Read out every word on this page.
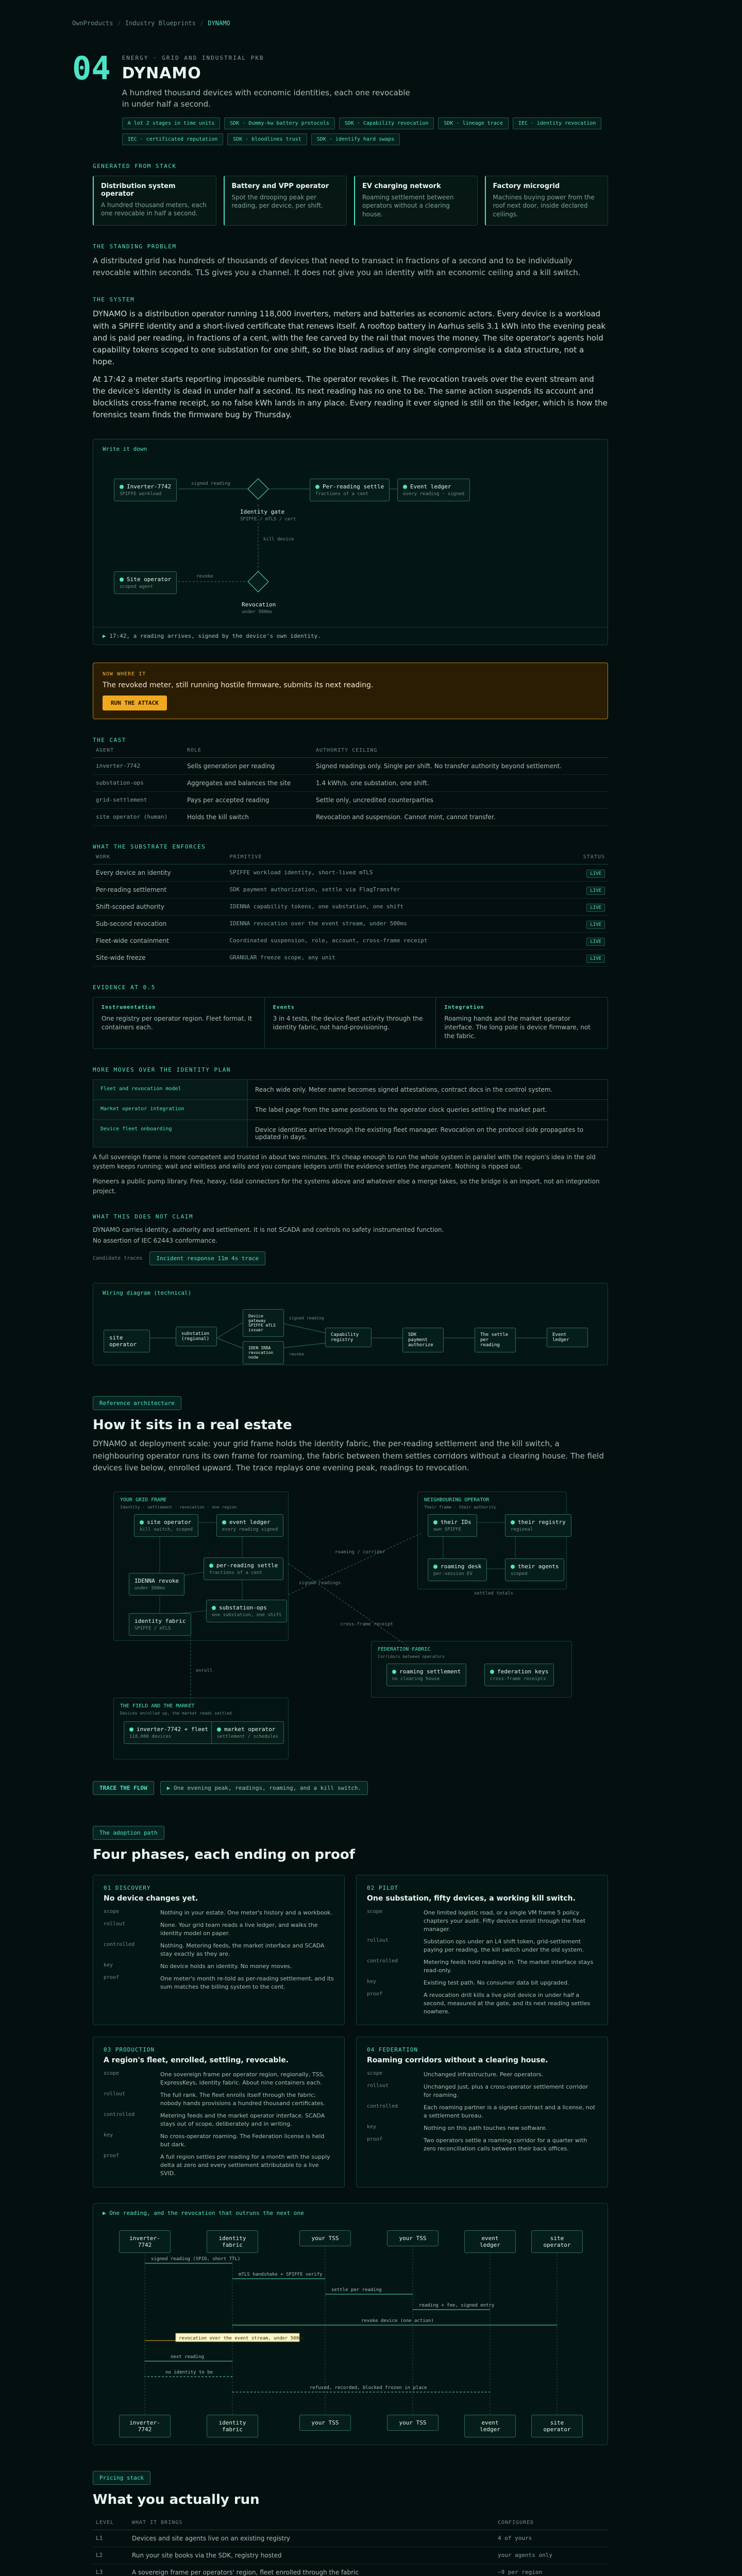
OwnProducts / Industry Blueprints / DYNAMO
04 ENERGY · GRID AND INDUSTRIAL PKB
DYNAMO
A hundred thousand devices with economic identities, each one revocable in under half a second.
A lot 2 stages in time units	SDK · Dummy-kw battery protocols	SDK · Capability revocation	SDK · lineage trace	IEC · identity revocation
IEC · certificated reputation	SDK · bloodlines trust	SDK · identify hard swaps
GENERATED FROM STACK
Distribution system operator

A hundred thousand meters, each one revocable in half a second.

Battery and VPP operator

Spot the drooping peak per reading, per device, per shift.

EV charging network

Roaming settlement between operators without a clearing house.

Factory microgrid

Machines buying power from the roof next door, inside declared ceilings.

THE STANDING PROBLEM

A distributed grid has hundreds of thousands of devices that need to transact in fractions of a second and to be individually revocable within seconds. TLS gives you a channel. It does not give you an identity with an economic ceiling and a kill switch.

THE SYSTEM

DYNAMO is a distribution operator running 118,000 inverters, meters and batteries as economic actors. Every device is a workload with a SPIFFE identity and a short-lived certificate that renews itself. A rooftop battery in Aarhus sells 3.1 kWh into the evening peak and is paid per reading, in fractions of a cent, with the fee carved by the rail that moves the money. The site operator's agents hold capability tokens scoped to one substation for one shift, so the blast radius of any single compromise is a data structure, not a hope.

At 17:42 a meter starts reporting impossible numbers. The operator revokes it. The revocation travels over the event stream and the device's identity is dead in under half a second. Its next reading has no one to be. The same action suspends its account and blocklists cross-frame receipt, so no false kWh lands in any place. Every reading it ever signed is still on the ledger, which is how the forensics team finds the firmware bug by Thursday.

Write it down
signed reading
revoke
kill device
Inverter-7742
SPIFFE workload
Identity gate
SPIFFE / mTLS / cert
Per-reading settle
fractions of a cent
Event ledger
every reading · signed
Site operator
scoped agent
Revocation
under 500ms
▶ 17:42, a reading arrives, signed by the device's own identity.
NOW WHERE IT
The revoked meter, still running hostile firmware, submits its next reading.
RUN THE ATTACK
THE CAST
AGENT	ROLE	AUTHORITY CEILING
inverter-7742	Sells generation per reading	Signed readings only. Single per shift. No transfer authority beyond settlement.
substation-ops	Aggregates and balances the site	1.4 kWh/s. one substation, one shift.
grid-settlement	Pays per accepted reading	Settle only, uncredited counterparties
site operator (human)	Holds the kill switch	Revocation and suspension. Cannot mint, cannot transfer.
WHAT THE SUBSTRATE ENFORCES
WORK	PRIMITIVE	STATUS
Every device an identity	SPIFFE workload identity, short-lived mTLS	LIVE
Per-reading settlement	SDK payment authorization, settle via FlagTransfer	LIVE
Shift-scoped authority	IDENNA capability tokens, one substation, one shift	LIVE
Sub-second revocation	IDENNA revocation over the event stream, under 500ms	LIVE
Fleet-wide containment	Coordinated suspension, role, account, cross-frame receipt	LIVE
Site-wide freeze	GRANULAR freeze scope, any unit	LIVE
EVIDENCE AT 0.5
Instrumentation

One registry per operator region. Fleet format. It containers each.

Events

3 in 4 tests, the device fleet activity through the identity fabric, not hand-provisioning.

Integration

Roaming hands and the market operator interface. The long pole is device firmware, not the fabric.

MORE MOVES OVER THE IDENTITY PLAN
Fleet and revocation model	Reach wide only. Meter name becomes signed attestations, contract docs in the control system.
Market operator integration	The label page from the same positions to the operator clock queries settling the market part.
Device fleet onboarding	Device identities arrive through the existing fleet manager. Revocation on the protocol side propagates to updated in days.

A full sovereign frame is more competent and trusted in about two minutes. It's cheap enough to run the whole system in parallel with the region's idea in the old system keeps running; wait and wiltless and wills and you compare ledgers until the evidence settles the argument. Nothing is ripped out.

Pioneers a public pump library. Free, heavy, tidal connectors for the systems above and whatever else a merge takes, so the bridge is an import, not an integration project.

WHAT THIS DOES NOT CLAIM

DYNAMO carries identity, authority and settlement. It is not SCADA and controls no safety instrumented function.

No assertion of IEC 62443 conformance.

Candidate traces	Incident response 11m 4s trace
Wiring diagram (technical)
signed reading
revoke
site operator
substation (regional)
Device gateway SPIFFE mTLS issuer
IDEN IRRA revocation node
Capability registry
SDK payment authorize
The settle per reading
Event ledger
Reference architecture
How it sits in a real estate

DYNAMO at deployment scale: your grid frame holds the identity fabric, the per-reading settlement and the kill switch, a neighbouring operator runs its own frame for roaming, the fabric between them settles corridors without a clearing house. The field devices live below, enrolled upward. The trace replays one evening peak, readings to revocation.

signed readings
roaming / corridor
cross-frame receipt
settled totals
enroll
YOUR GRID FRAME
Identity · settlement · revocation · one region
NEIGHBOURING OPERATOR
Their frame · their authority
FEDERATION FABRIC
Corridors between operators
THE FIELD AND THE MARKET
Devices enrolled up, the market reads settled
site operator
kill switch, scoped
event ledger
every reading signed
per-reading settle
fractions of a cent
IDENNA revoke
under 500ms
substation-ops
one substation, one shift
identity fabric
SPIFFE / mTLS
their IDs
own SPIFFE
their registry
regional
roaming desk
per-session EV
their agents
scoped
roaming settlement
no clearing house
federation keys
cross-frame receipts
inverter-7742 + fleet
118,000 devices
market operator
settlement / schedules
TRACE THE FLOW	▶ One evening peak, readings, roaming, and a kill switch.
The adoption path
Four phases, each ending on proof
01 DISCOVERY
No device changes yet.
scope	Nothing in your estate. One meter's history and a workbook.
rollout	None. Your grid team reads a live ledger, and walks the identity model on paper.
controlled	Nothing. Metering feeds, the market interface and SCADA stay exactly as they are.
key	No device holds an identity. No money moves.
proof	One meter's month re-told as per-reading settlement, and its sum matches the billing system to the cent.
02 PILOT
One substation, fifty devices, a working kill switch.
scope	One limited logistic road, or a single VM frame 5 policy chapters your audit. Fifty devices enroll through the fleet manager.
rollout	Substation ops under an L4 shift token, grid-settlement paying per reading, the kill switch under the old system.
controlled	Metering feeds hold readings in. The market interface stays read-only.
key	Existing test path. No consumer data bit upgraded.
proof	A revocation drill kills a live pilot device in under half a second, measured at the gate, and its next reading settles nowhere.
03 PRODUCTION
A region's fleet, enrolled, settling, revocable.
scope	One sovereign frame per operator region, regionally, TSS, ExpressKeys, identity fabric. About nine containers each.
rollout	The full rank. The fleet enrolls itself through the fabric; nobody hands provisions a hundred thousand certificates.
controlled	Metering feeds and the market operator interface. SCADA stays out of scope, deliberately and in writing.
key	No cross-operator roaming. The Federation license is held but dark.
proof	A full region settles per reading for a month with the supply delta at zero and every settlement attributable to a live SVID.
04 FEDERATION
Roaming corridors without a clearing house.
scope	Unchanged infrastructure. Peer operators.
rollout	Unchanged just, plus a cross-operator settlement corridor for roaming.
controlled	Each roaming partner is a signed contract and a license, not a settlement bureau.
key	Nothing on this path touches new software.
proof	Two operators settle a roaming corridor for a quarter with zero reconciliation calls between their back offices.
▶ One reading, and the revocation that outruns the next one
signed reading (SPID, short TTL)
mTLS handshake + SPIFFE verify
settle per reading
reading + fee, signed entry
revoke device (one action)
revocation over the event stream, under 500ms
next reading
no identity to be
refused, recorded, blocked frozen in place
inverter-7742
identity fabric
your TSS	your TSS	event ledger
site operator
inverter-7742
identity fabric
your TSS	your TSS	event ledger
site operator
Pricing stack
What you actually run
LEVEL	WHAT IT BRINGS	CONFIGURED
L1	Devices and site agents live on an existing registry	4 of yours
L2	Run your site books via the SDK, registry hosted	your agents only
L3	A sovereign frame per operators' region, fleet enrolled through the fabric	~9 per region
